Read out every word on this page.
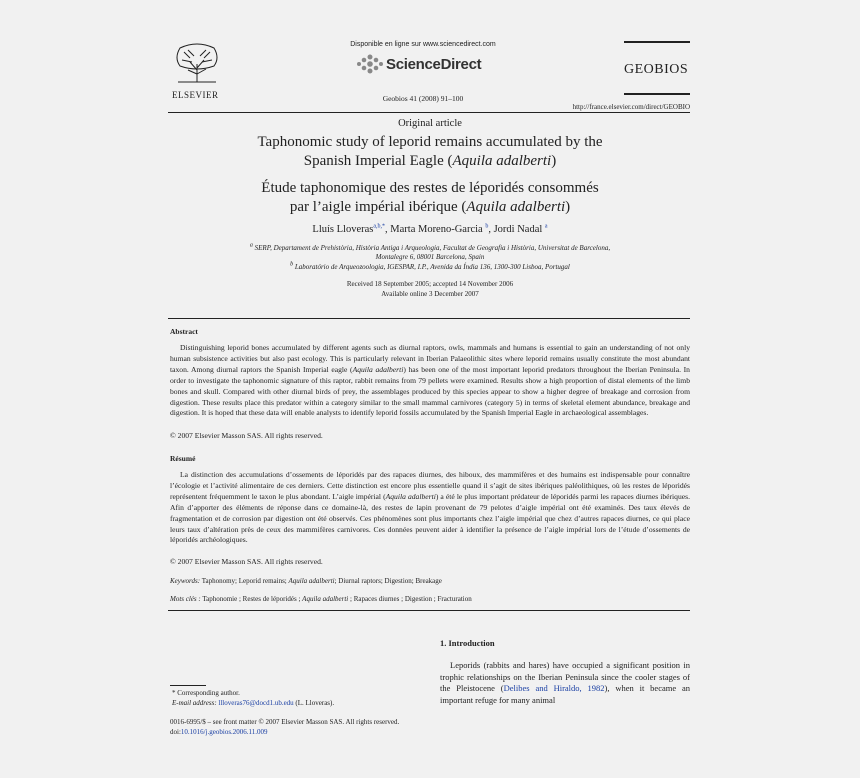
ELSEVIER
Disponible en ligne sur www.sciencedirect.com
ScienceDirect
Geobios 41 (2008) 91–100
GEOBIOS
http://france.elsevier.com/direct/GEOBIO
Original article
Taphonomic study of leporid remains accumulated by the
Spanish Imperial Eagle (Aquila adalberti)
Étude taphonomique des restes de léporidés consommés
par l’aigle impérial ibérique (Aquila adalberti)
Lluís Lloveras$^{a,b,*}$, Marta Moreno-Garcia $^b$, Jordi Nadal $^a$
$^a$ SERP, Departament de Prehistòria, Història Antiga i Arqueologia, Facultat de Geografia i Història, Universitat de Barcelona,
Montalegre 6, 08001 Barcelona, Spain
$^b$ Laboratório de Arqueozoologia, IGESPAR, I.P., Avenida da Índia 136, 1300-300 Lisboa, Portugal
Received 18 September 2005; accepted 14 November 2006
Available online 3 December 2007
Abstract
Distinguishing leporid bones accumulated by different agents such as diurnal raptors, owls, mammals and humans is essential to gain an understanding of not only human subsistence activities but also past ecology. This is particularly relevant in Iberian Palaeolithic sites where leporid remains usually constitute the most abundant taxon. Among diurnal raptors the Spanish Imperial eagle (Aquila adalberti) has been one of the most important leporid predators throughout the Iberian Peninsula. In order to investigate the taphonomic signature of this raptor, rabbit remains from 79 pellets were examined. Results show a high proportion of distal elements of the limb bones and skull. Compared with other diurnal birds of prey, the assemblages produced by this species appear to show a higher degree of breakage and corrosion from digestion. These results place this predator within a category similar to the small mammal carnivores (category 5) in terms of skeletal element abundance, breakage and digestion. It is hoped that these data will enable analysts to identify leporid fossils accumulated by the Spanish Imperial Eagle in archaeological assemblages.
© 2007 Elsevier Masson SAS. All rights reserved.
Résumé
La distinction des accumulations d’ossements de léporidés par des rapaces diurnes, des hiboux, des mammifères et des humains est indispensable pour connaître l’écologie et l’activité alimentaire de ces derniers. Cette distinction est encore plus essentielle quand il s’agit de sites ibériques paléolithiques, où les restes de léporidés représentent fréquemment le taxon le plus abondant. L’aigle impérial (Aquila adalberti) a été le plus important prédateur de léporidés parmi les rapaces diurnes ibériques. Afin d’apporter des éléments de réponse dans ce domaine-là, des restes de lapin provenant de 79 pelotes d’aigle impérial ont été examinés. Des taux élevés de fragmentation et de corrosion par digestion ont été observés. Ces phénomènes sont plus importants chez l’aigle impérial que chez d’autres rapaces diurnes, ce qui place leurs taux d’altération près de ceux des mammifères carnivores. Ces données peuvent aider à identifier la présence de l’aigle impérial lors de l’étude d’ossements de léporidés archéologiques.
© 2007 Elsevier Masson SAS. All rights reserved.
Keywords: Taphonomy; Leporid remains; Aquila adalberti; Diurnal raptors; Digestion; Breakage
Mots clés : Taphonomie ; Restes de léporidés ; Aquila adalberti ; Rapaces diurnes ; Digestion ; Fracturation
* Corresponding author.
E-mail address: llloveras76@docd1.ub.edu (L. Lloveras).
0016-6995/$ – see front matter © 2007 Elsevier Masson SAS. All rights reserved.
doi:10.1016/j.geobios.2006.11.009
1. Introduction
Leporids (rabbits and hares) have occupied a significant position in trophic relationships on the Iberian Peninsula since the cooler stages of the Pleistocene (Delibes and Hiraldo, 1982), when it became an important refuge for many animal
